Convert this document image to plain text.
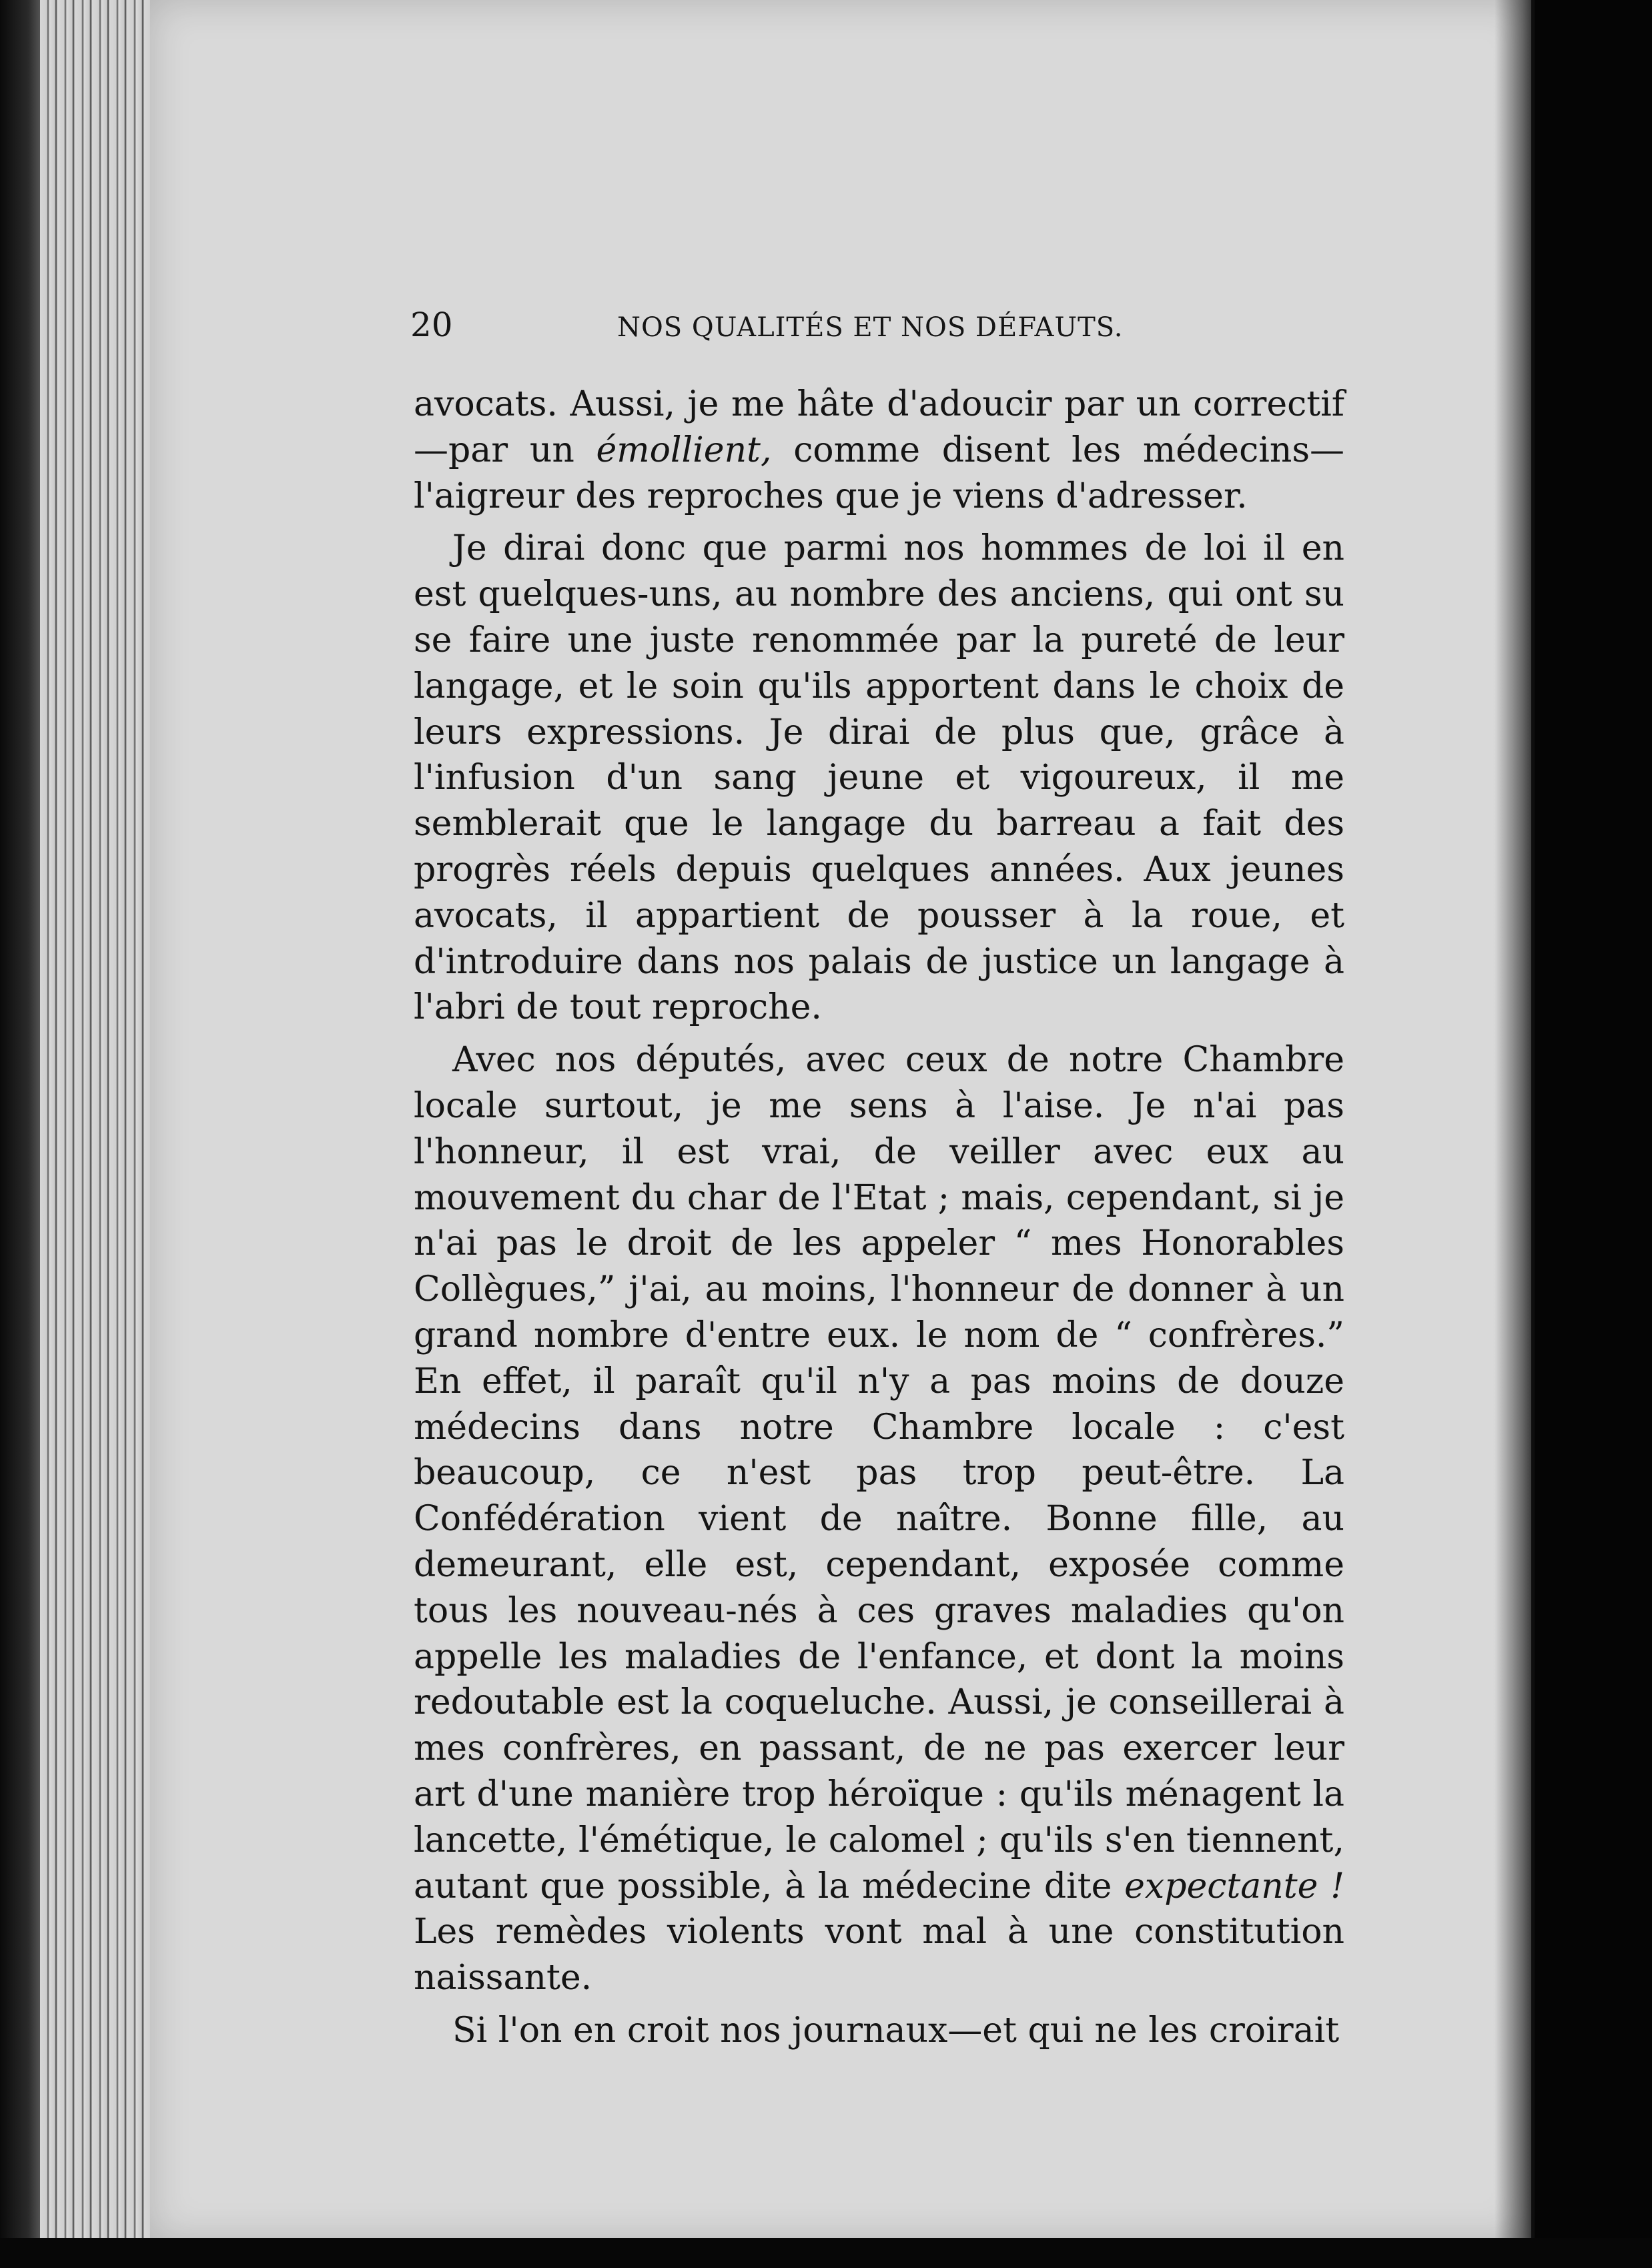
20	NOS QUALITÉS ET NOS DÉFAUTS.

avocats. Aussi, je me hâte d'adoucir par un correctif—par un émollient, comme disent les médecins—l'aigreur des reproches que je viens d'adresser.

Je dirai donc que parmi nos hommes de loi il en est quelques-uns, au nombre des anciens, qui ont su se faire une juste renommée par la pureté de leur langage, et le soin qu'ils apportent dans le choix de leurs expressions. Je dirai de plus que, grâce à l'infusion d'un sang jeune et vigoureux, il me semblerait que le langage du barreau a fait des progrès réels depuis quelques années. Aux jeunes avocats, il appartient de pousser à la roue, et d'introduire dans nos palais de justice un langage à l'abri de tout reproche.

Avec nos députés, avec ceux de notre Chambre locale surtout, je me sens à l'aise. Je n'ai pas l'honneur, il est vrai, de veiller avec eux au mouvement du char de l'Etat ; mais, cependant, si je n'ai pas le droit de les appeler “ mes Honorables Collègues,” j'ai, au moins, l'honneur de donner à un grand nombre d'entre eux. le nom de “ confrères.” En effet, il paraît qu'il n'y a pas moins de douze médecins dans notre Chambre locale : c'est beaucoup, ce n'est pas trop peut-être. La Confédération vient de naître. Bonne fille, au demeurant, elle est, cependant, exposée comme tous les nouveau-nés à ces graves maladies qu'on appelle les maladies de l'enfance, et dont la moins redoutable est la coqueluche. Aussi, je conseillerai à mes confrères, en passant, de ne pas exercer leur art d'une manière trop héroïque : qu'ils ménagent la lancette, l'émétique, le calomel ; qu'ils s'en tiennent, autant que possible, à la médecine dite expectante ! Les remèdes violents vont mal à une constitution naissante.

Si l'on en croit nos journaux—et qui ne les croirait
